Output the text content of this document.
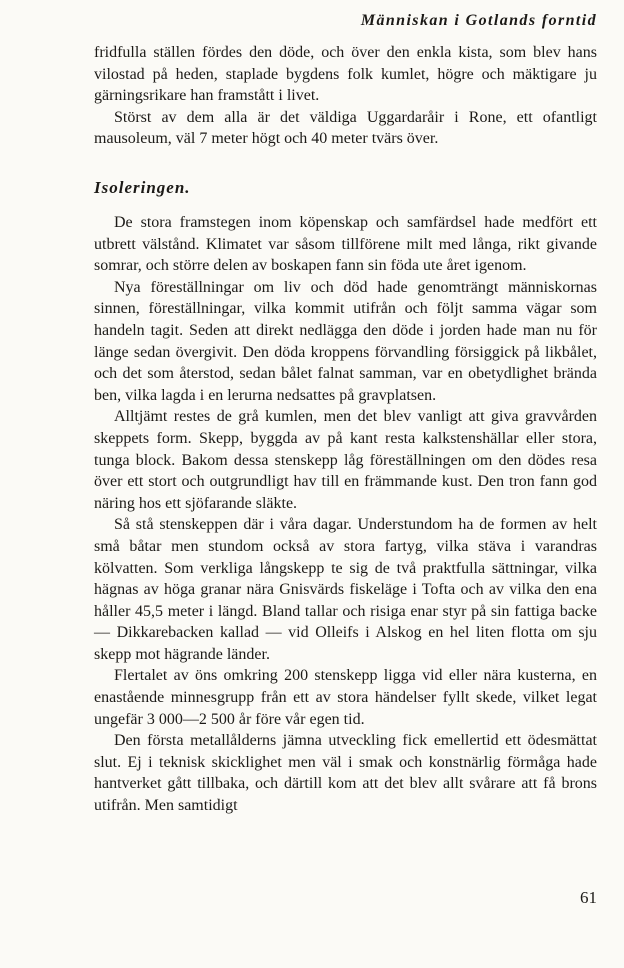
Människan i Gotlands forntid

fridfulla ställen fördes den döde, och över den enkla kista, som blev hans vilostad på heden, staplade bygdens folk kumlet, högre och mäktigare ju gärningsrikare han framstått i livet.

Störst av dem alla är det väldiga Uggardaråir i Rone, ett ofantligt mausoleum, väl 7 meter högt och 40 meter tvärs över.

Isoleringen.

De stora framstegen inom köpenskap och samfärdsel hade medfört ett utbrett välstånd. Klimatet var såsom tillförene milt med långa, rikt givande somrar, och större delen av boskapen fann sin föda ute året igenom.

Nya föreställningar om liv och död hade genomträngt människornas sinnen, föreställningar, vilka kommit utifrån och följt samma vägar som handeln tagit. Seden att direkt nedlägga den döde i jorden hade man nu för länge sedan övergivit. Den döda kroppens förvandling försiggick på likbålet, och det som återstod, sedan bålet falnat samman, var en obetydlighet brända ben, vilka lagda i en lerurna nedsattes på gravplatsen.

Alltjämt restes de grå kumlen, men det blev vanligt att giva gravvården skeppets form. Skepp, byggda av på kant resta kalkstenshällar eller stora, tunga block. Bakom dessa stenskepp låg föreställningen om den dödes resa över ett stort och outgrundligt hav till en främmande kust. Den tron fann god näring hos ett sjöfarande släkte.

Så stå stenskeppen där i våra dagar. Understundom ha de formen av helt små båtar men stundom också av stora fartyg, vilka stäva i varandras kölvatten. Som verkliga långskepp te sig de två praktfulla sättningar, vilka hägnas av höga granar nära Gnisvärds fiskeläge i Tofta och av vilka den ena håller 45,5 meter i längd. Bland tallar och risiga enar styr på sin fattiga backe — Dikkarebacken kallad — vid Olleifs i Alskog en hel liten flotta om sju skepp mot hägrande länder.

Flertalet av öns omkring 200 stenskepp ligga vid eller nära kusterna, en enastående minnesgrupp från ett av stora händelser fyllt skede, vilket legat ungefär 3 000—2 500 år före vår egen tid.

Den första metallålderns jämna utveckling fick emellertid ett ödesmättat slut. Ej i teknisk skicklighet men väl i smak och konstnärlig förmåga hade hantverket gått tillbaka, och därtill kom att det blev allt svårare att få brons utifrån. Men samtidigt

61
